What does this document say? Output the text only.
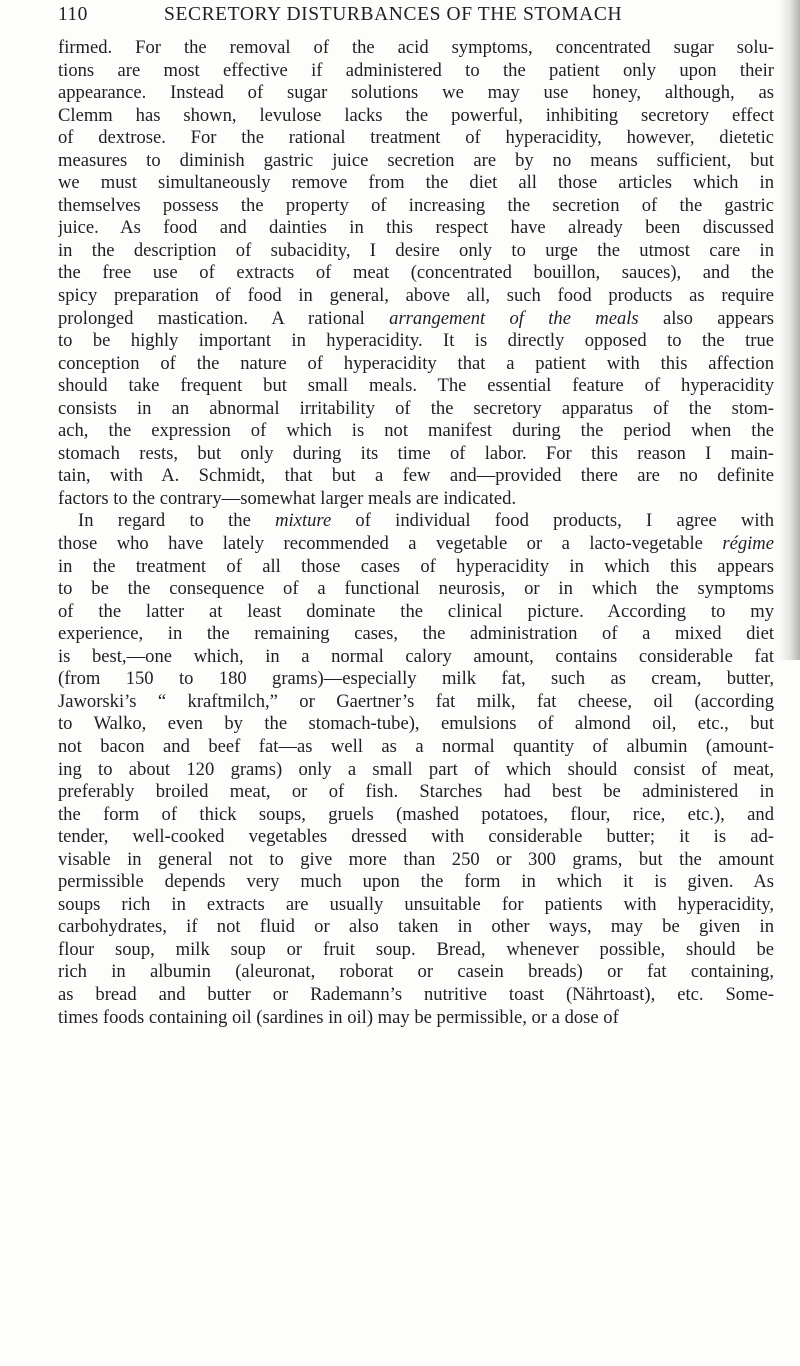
110	SECRETORY DISTURBANCES OF THE STOMACH
firmed. For the removal of the acid symptoms, concentrated sugar solu-
tions are most effective if administered to the patient only upon their
appearance. Instead of sugar solutions we may use honey, although, as
Clemm has shown, levulose lacks the powerful, inhibiting secretory effect
of dextrose. For the rational treatment of hyperacidity, however, dietetic
measures to diminish gastric juice secretion are by no means sufficient, but
we must simultaneously remove from the diet all those articles which in
themselves possess the property of increasing the secretion of the gastric
juice. As food and dainties in this respect have already been discussed
in the description of subacidity, I desire only to urge the utmost care in
the free use of extracts of meat (concentrated bouillon, sauces), and the
spicy preparation of food in general, above all, such food products as require
prolonged mastication. A rational arrangement of the meals also appears
to be highly important in hyperacidity. It is directly opposed to the true
conception of the nature of hyperacidity that a patient with this affection
should take frequent but small meals. The essential feature of hyperacidity
consists in an abnormal irritability of the secretory apparatus of the stom-
ach, the expression of which is not manifest during the period when the
stomach rests, but only during its time of labor. For this reason I main-
tain, with A. Schmidt, that but a few and—provided there are no definite
factors to the contrary—somewhat larger meals are indicated.
In regard to the mixture of individual food products, I agree with
those who have lately recommended a vegetable or a lacto-vegetable régime
in the treatment of all those cases of hyperacidity in which this appears
to be the consequence of a functional neurosis, or in which the symptoms
of the latter at least dominate the clinical picture. According to my
experience, in the remaining cases, the administration of a mixed diet
is best,—one which, in a normal calory amount, contains considerable fat
(from 150 to 180 grams)—especially milk fat, such as cream, butter,
Jaworski’s “ kraftmilch,” or Gaertner’s fat milk, fat cheese, oil (according
to Walko, even by the stomach-tube), emulsions of almond oil, etc., but
not bacon and beef fat—as well as a normal quantity of albumin (amount-
ing to about 120 grams) only a small part of which should consist of meat,
preferably broiled meat, or of fish. Starches had best be administered in
the form of thick soups, gruels (mashed potatoes, flour, rice, etc.), and
tender, well-cooked vegetables dressed with considerable butter; it is ad-
visable in general not to give more than 250 or 300 grams, but the amount
permissible depends very much upon the form in which it is given. As
soups rich in extracts are usually unsuitable for patients with hyperacidity,
carbohydrates, if not fluid or also taken in other ways, may be given in
flour soup, milk soup or fruit soup. Bread, whenever possible, should be
rich in albumin (aleuronat, roborat or casein breads) or fat containing,
as bread and butter or Rademann’s nutritive toast (Nährtoast), etc. Some-
times foods containing oil (sardines in oil) may be permissible, or a dose of
